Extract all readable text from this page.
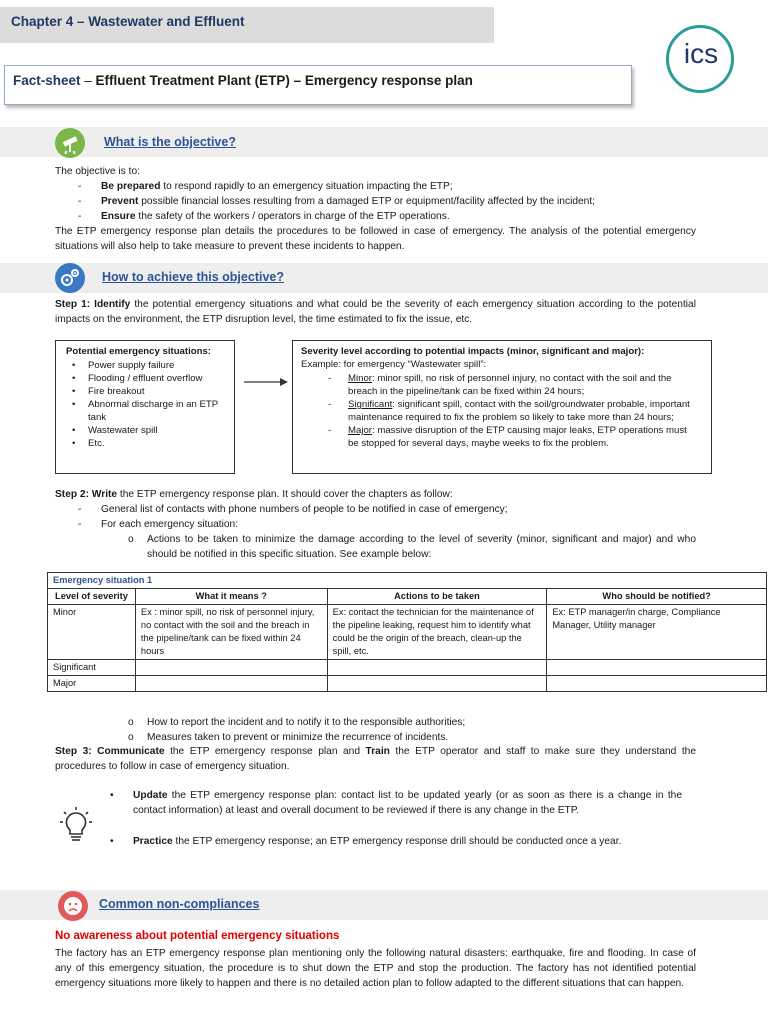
Chapter 4 – Wastewater and Effluent
Fact-sheet – Effluent Treatment Plant (ETP) – Emergency response plan
ics
What is the objective?
The objective is to:
- Be prepared to respond rapidly to an emergency situation impacting the ETP;
- Prevent possible financial losses resulting from a damaged ETP or equipment/facility affected by the incident;
- Ensure the safety of the workers / operators in charge of the ETP operations.
The ETP emergency response plan details the procedures to be followed in case of emergency. The analysis of the potential emergency situations will also help to take measure to prevent these incidents to happen.
How to achieve this objective?
Step 1: Identify the potential emergency situations and what could be the severity of each emergency situation according to the potential impacts on the environment, the ETP disruption level, the time estimated to fix the issue, etc.
Potential emergency situations:
• Power supply failure
• Flooding / effluent overflow
• Fire breakout
• Abnormal discharge in an ETP tank
• Wastewater spill
• Etc.
Severity level according to potential impacts (minor, significant and major):
Example: for emergency “Wastewater spill”:
- Minor: minor spill, no risk of personnel injury, no contact with the soil and the breach in the pipeline/tank can be fixed within 24 hours;
- Significant: significant spill, contact with the soil/groundwater probable, important maintenance required to fix the problem so likely to take more than 24 hours;
- Major: massive disruption of the ETP causing major leaks, ETP operations must be stopped for several days, maybe weeks to fix the problem.
Step 2: Write the ETP emergency response plan. It should cover the chapters as follow:
- General list of contacts with phone numbers of people to be notified in case of emergency;
- For each emergency situation:
o Actions to be taken to minimize the damage according to the level of severity (minor, significant and major) and who should be notified in this specific situation. See example below:
Emergency situation 1			
Level of severity	What it means ?	Actions to be taken	Who should be notified?
Minor	Ex : minor spill, no risk of personnel injury, no contact with the soil and the breach in the pipeline/tank can be fixed within 24 hours	Ex: contact the technician for the maintenance of the pipeline leaking, request him to identify what could be the origin of the breach, clean-up the spill, etc.	Ex: ETP manager/in charge, Compliance Manager, Utility manager
Significant			
Major			
o How to report the incident and to notify it to the responsible authorities;
o Measures taken to prevent or minimize the recurrence of incidents.
Step 3: Communicate the ETP emergency response plan and Train the ETP operator and staff to make sure they understand the procedures to follow in case of emergency situation.
• Update the ETP emergency response plan: contact list to be updated yearly (or as soon as there is a change in the contact information) at least and overall document to be reviewed if there is any change in the ETP.
• Practice the ETP emergency response; an ETP emergency response drill should be conducted once a year.
Common non-compliances
No awareness about potential emergency situations
The factory has an ETP emergency response plan mentioning only the following natural disasters: earthquake, fire and flooding. In case of any of this emergency situation, the procedure is to shut down the ETP and stop the production. The factory has not identified potential emergency situations more likely to happen and there is no detailed action plan to follow adapted to the different situations that can happen.
